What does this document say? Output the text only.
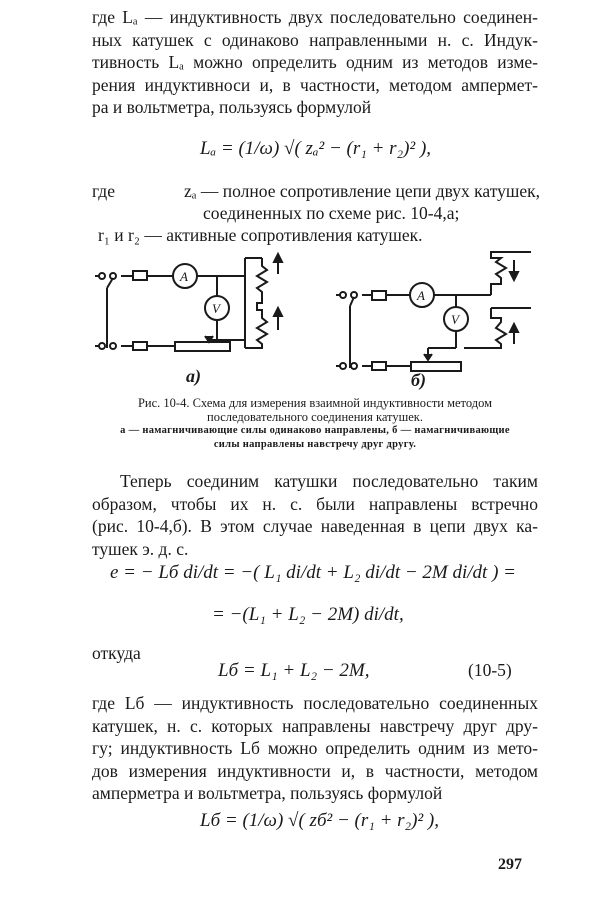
где Lₐ — индуктивность двух последовательно соединен-
ных катушек с одинаково направленными н. с. Индук-
тивность Lₐ можно определить одним из методов изме-
рения индуктивноси и, в частности, методом ампермет-
ра и вольтметра, пользуясь формулой
Lₐ = (1/ω) √( zₐ² − (r₁ + r₂)² ),
где	zₐ — полное сопротивление цепи двух катушек,
соединенных по схеме рис. 10-4,а;
r₁ и r₂ — активные сопротивления катушек.
A
V
а)
A
V
б)
Рис. 10-4. Схема для измерения взаимной индуктивности методом
последовательного соединения катушек.
а — намагничивающие силы одинаково направлены, б — намагничивающие
силы направлены навстречу друг другу.
Теперь соединим катушки последовательно таким
образом, чтобы их н. с. были направлены встречно
(рис. 10-4,б). В этом случае наведенная в цепи двух ка-
тушек э. д. с.
e = − Lб di/dt = −( L₁ di/dt + L₂ di/dt − 2M di/dt ) =
= −(L₁ + L₂ − 2M) di/dt,
откуда
Lб = L₁ + L₂ − 2M,	(10-5)
где Lб — индуктивность последовательно соединенных
катушек, н. с. которых направлены навстречу друг дру-
гу; индуктивность Lб можно определить одним из мето-
дов измерения индуктивности и, в частности, методом
амперметра и вольтметра, пользуясь формулой
Lб = (1/ω) √( zб² − (r₁ + r₂)² ),
297
